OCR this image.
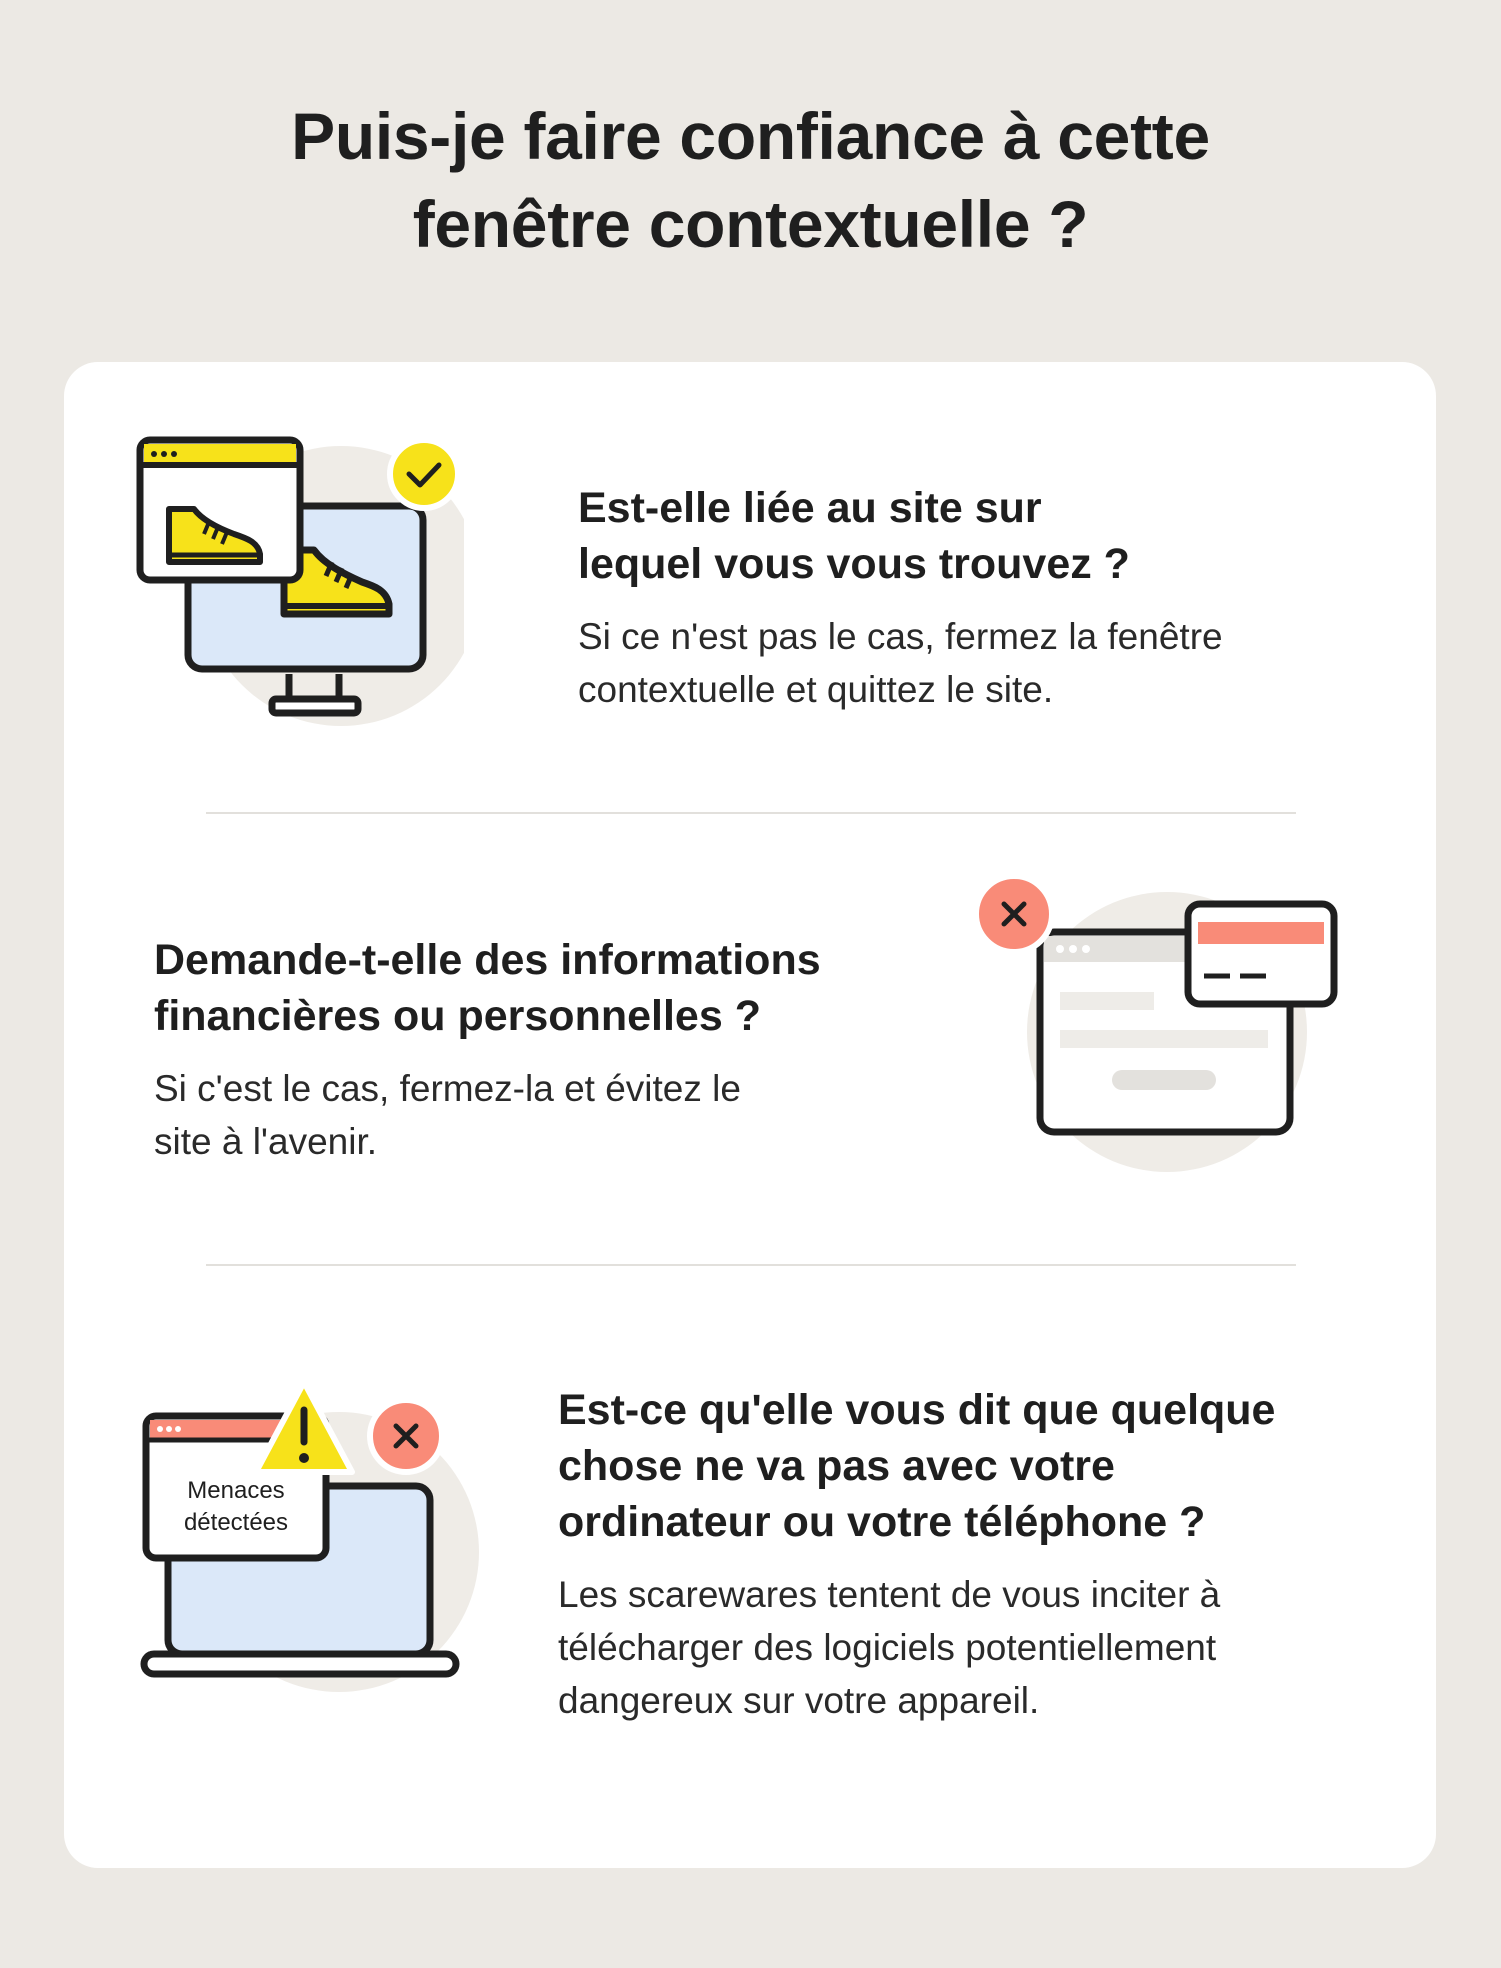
Puis-je faire confiance à cette
fenêtre contextuelle ?
Est-elle liée au site sur
lequel vous vous trouvez ?

Si ce n'est pas le cas, fermez la fenêtre
contextuelle et quittez le site.

Demande-t-elle des informations
financières ou personnelles ?

Si c'est le cas, fermez-la et évitez le
site à l'avenir.

Menaces
détectées
Est-ce qu'elle vous dit que quelque
chose ne va pas avec votre
ordinateur ou votre téléphone ?

Les scarewares tentent de vous inciter à
télécharger des logiciels potentiellement
dangereux sur votre appareil.
